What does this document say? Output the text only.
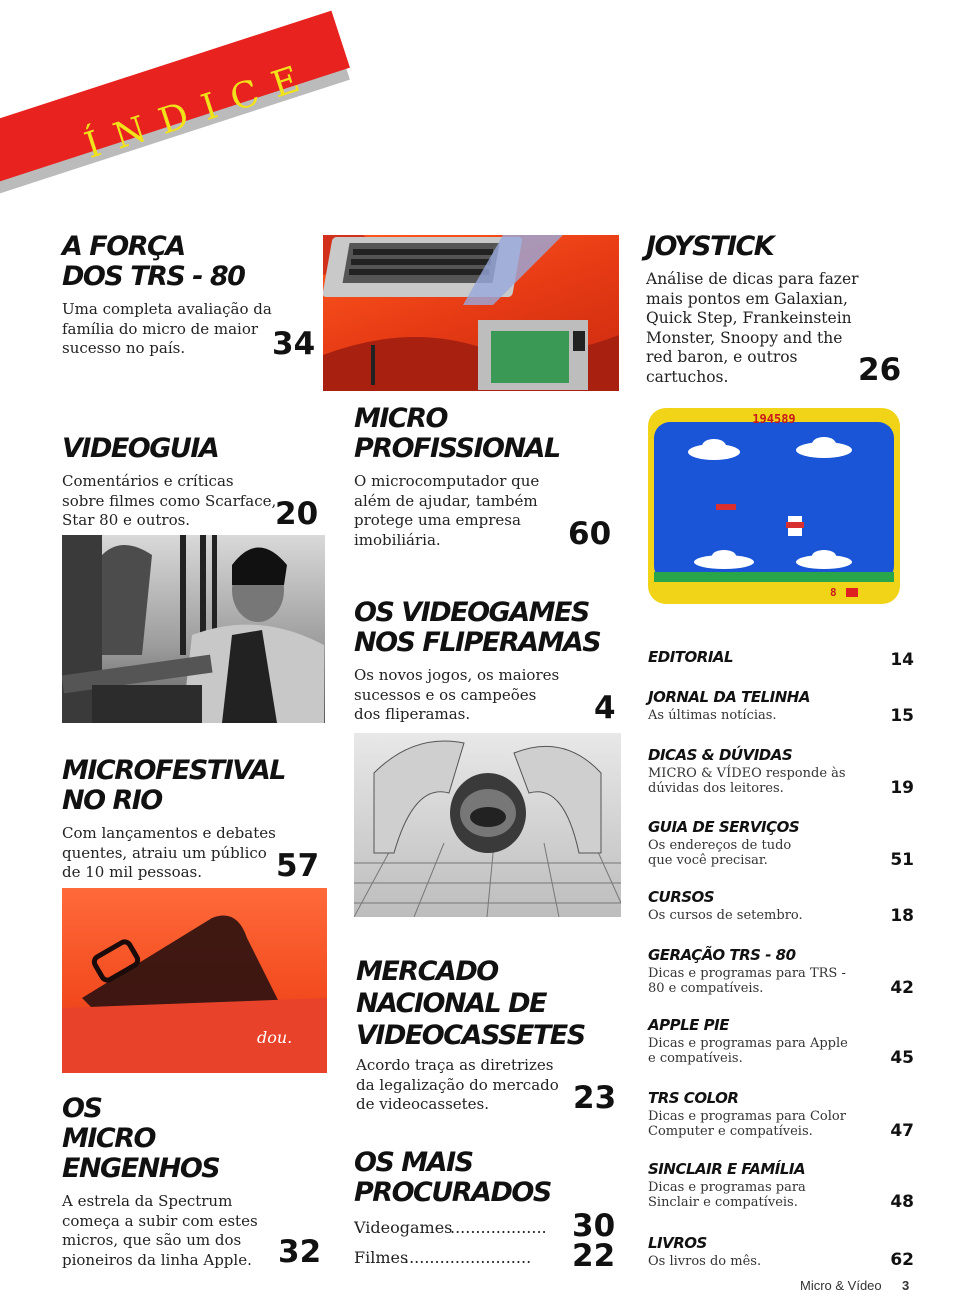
ÍNDICE
A FORÇA
DOS TRS - 80
Uma completa avaliação da família do micro de maior sucesso no país.	34
JOYSTICK
Análise de dicas para fazer mais pontos em Galaxian, Quick Step, Frankeinstein Monster, Snoopy and the red baron, e outros cartuchos.	26
194589
8
VIDEOGUIA
Comentários e críticas sobre filmes como Scarface, Star 80 e outros.	20
MICRO
PROFISSIONAL
O microcomputador que além de ajudar, também protege uma empresa imobiliária.	60
OS VIDEOGAMES
NOS FLIPERAMAS
Os novos jogos, os maiores sucessos e os campeões dos fliperamas.	4
MICROFESTIVAL
NO RIO
Com lançamentos e debates quentes, atraiu um público de 10 mil pessoas.	57
dou.
MERCADO
NACIONAL DE
VIDEOCASSETES
Acordo traça as diretrizes da legalização do mercado de videocassetes.	23
OS
MICRO
ENGENHOS
A estrela da Spectrum começa a subir com estes micros, que são um dos pioneiros da linha Apple. 32
OS MAIS
PROCURADOS
Videogames
................... 30
Filmes
......................... 22
EDITORIAL	14
JORNAL DA TELINHA
As últimas notícias.	15
DICAS & DÚVIDAS
MICRO & VÍDEO responde às dúvidas dos leitores.	19
GUIA DE SERVIÇOS
Os endereços de tudo que você precisar.	51
CURSOS
Os cursos de setembro.	18
GERAÇÃO TRS - 80
Dicas e programas para TRS - 80 e compatíveis.	42
APPLE PIE
Dicas e programas para Apple e compatíveis.	45
TRS COLOR
Dicas e programas para Color Computer e compatíveis.	47
SINCLAIR E FAMÍLIA
Dicas e programas para Sinclair e compatíveis.	48
LIVROS
Os livros do mês.	62
Micro & Vídeo 3
